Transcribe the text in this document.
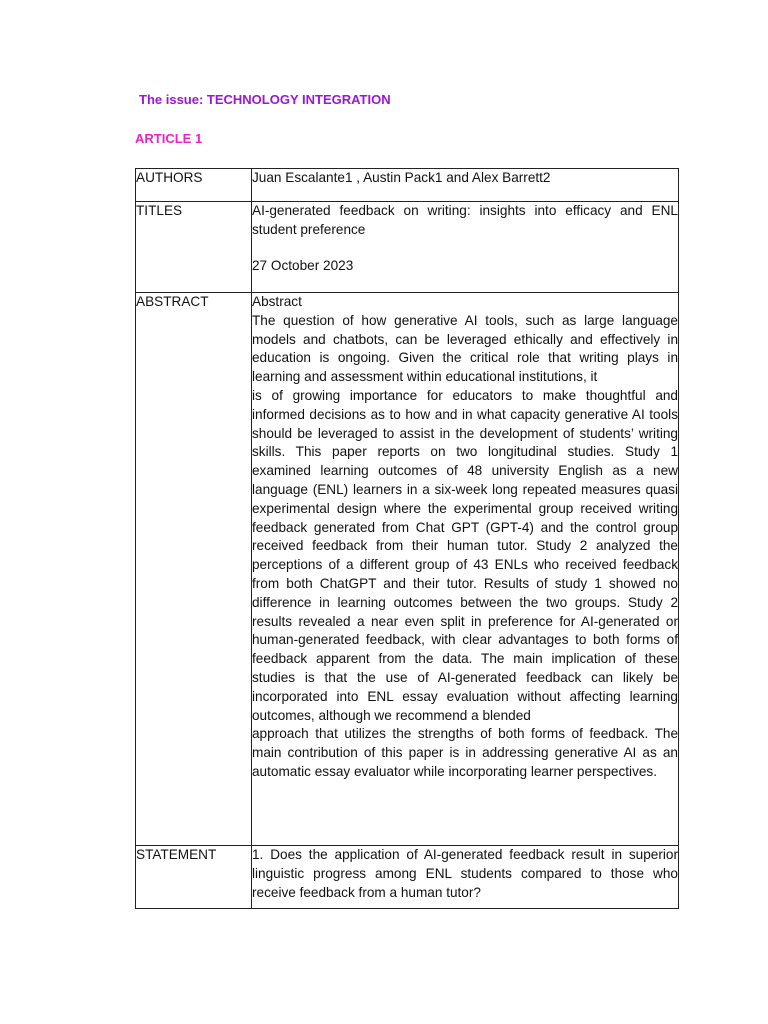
The issue: TECHNOLOGY INTEGRATION
ARTICLE 1
AUTHORS	Juan Escalante1 , Austin Pack1 and Alex Barrett2
TITLES	AI-generated feedback on writing: insights into efficacy and ENL student preference

27 October 2023

ABSTRACT	Abstract

The question of how generative AI tools, such as large language models and chatbots, can be leveraged ethically and effectively in education is ongoing. Given the critical role that writing plays in learning and assessment within educational institutions, it

is of growing importance for educators to make thoughtful and informed decisions as to how and in what capacity generative AI tools should be leveraged to assist in the development of students’ writing skills. This paper reports on two longitudinal studies. Study 1 examined learning outcomes of 48 university English as a new language (ENL) learners in a six-week long repeated measures quasi experimental design where the experimental group received writing feedback generated from Chat GPT (GPT-4) and the control group received feedback from their human tutor. Study 2 analyzed the perceptions of a different group of 43 ENLs who received feedback from both ChatGPT and their tutor. Results of study 1 showed no difference in learning outcomes between the two groups. Study 2 results revealed a near even split in preference for AI-generated or human-generated feedback, with clear advantages to both forms of feedback apparent from the data. The main implication of these studies is that the use of AI-generated feedback can likely be incorporated into ENL essay evaluation without affecting learning outcomes, although we recommend a blended

approach that utilizes the strengths of both forms of feedback. The main contribution of this paper is in addressing generative AI as an automatic essay evaluator while incorporating learner perspectives.

STATEMENT	1. Does the application of AI-generated feedback result in superior linguistic progress among ENL students compared to those who receive feedback from a human tutor?
